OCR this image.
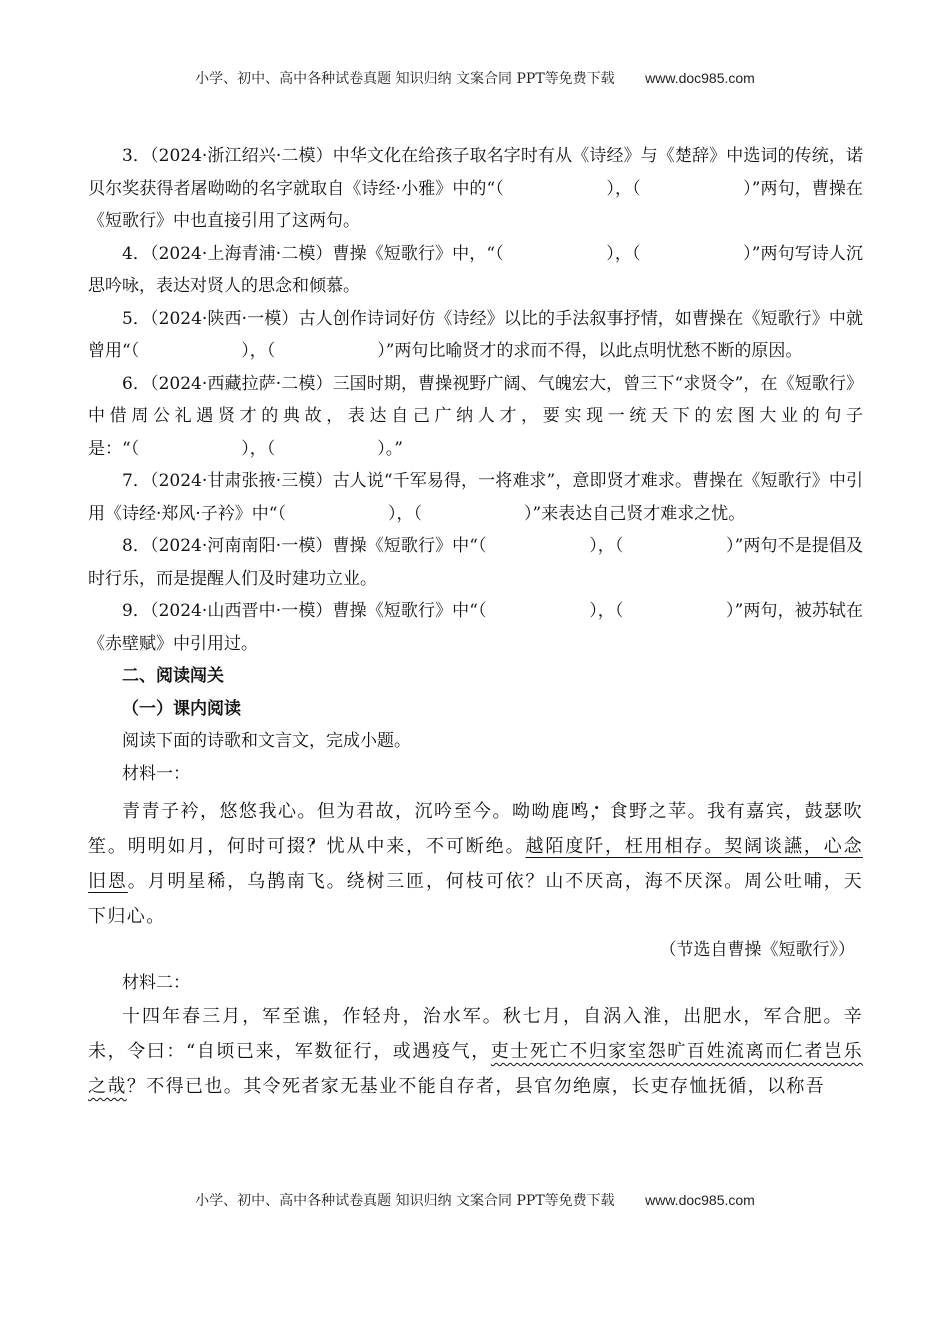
小学、初中、高中各种试卷真题 知识归纳 文案合同 PPT等免费下载 www.doc985.com

3．（2024·浙江绍兴·二模）中华文化在给孩子取名字时有从《诗经》与《楚辞》中选词的传统，诺贝尔奖获得者屠呦呦的名字就取自《诗经·小雅》中的“（　　　　　　），（　　　　　　）”两句，曹操在《短歌行》中也直接引用了这两句。

4．（2024·上海青浦·二模）曹操《短歌行》中，“（　　　　　　），（　　　　　　）”两句写诗人沉思吟咏，表达对贤人的思念和倾慕。

5．（2024·陕西·一模）古人创作诗词好仿《诗经》以比的手法叙事抒情，如曹操在《短歌行》中就曾用“（　　　　　　），（　　　　　　）”两句比喻贤才的求而不得，以此点明忧愁不断的原因。

6．（2024·西藏拉萨·二模）三国时期，曹操视野广阔、气魄宏大，曾三下“求贤令”，在《短歌行》中借周公礼遇贤才的典故，表达自己广纳人才，要实现一统天下的宏图大业的句子是：“（　　　　　　），（　　　　　　）。”

7．（2024·甘肃张掖·三模）古人说“千军易得，一将难求”，意即贤才难求。曹操在《短歌行》中引用《诗经·郑风·子衿》中“（　　　　　　），（　　　　　　）”来表达自己贤才难求之忧。

8．（2024·河南南阳·一模）曹操《短歌行》中“（　　　　　　），（　　　　　　）”两句不是提倡及时行乐，而是提醒人们及时建功立业。

9．（2024·山西晋中·一模）曹操《短歌行》中“（　　　　　　），（　　　　　　）”两句，被苏轼在《赤壁赋》中引用过。

二、阅读闯关

（一）课内阅读

阅读下面的诗歌和文言文，完成小题。

材料一：

青青子衿，悠悠我心。但为君故，沉吟至今。呦呦鹿鸣，食野之苹。我有嘉宾，鼓瑟吹笙。明明如月，何时可掇？忧从中来，不可断绝。越陌度阡，枉用相存。契阔谈讌，心念旧恩。月明星稀，乌鹊南飞。绕树三匝，何枝可依？山不厌高，海不厌深。周公吐哺，天下归心。

（节选自曹操《短歌行》）

材料二：

十四年春三月，军至谯，作轻舟，治水军。秋七月，自涡入淮，出肥水，军合肥。辛未，令曰：“自顷已来，军数征行，或遇疫气，吏士死亡不归家室怨旷百姓流离而仁者岂乐之哉？不得已也。其令死者家无基业不能自存者，县官勿绝廪，长吏存恤抚循，以称吾

小学、初中、高中各种试卷真题 知识归纳 文案合同 PPT等免费下载 www.doc985.com
